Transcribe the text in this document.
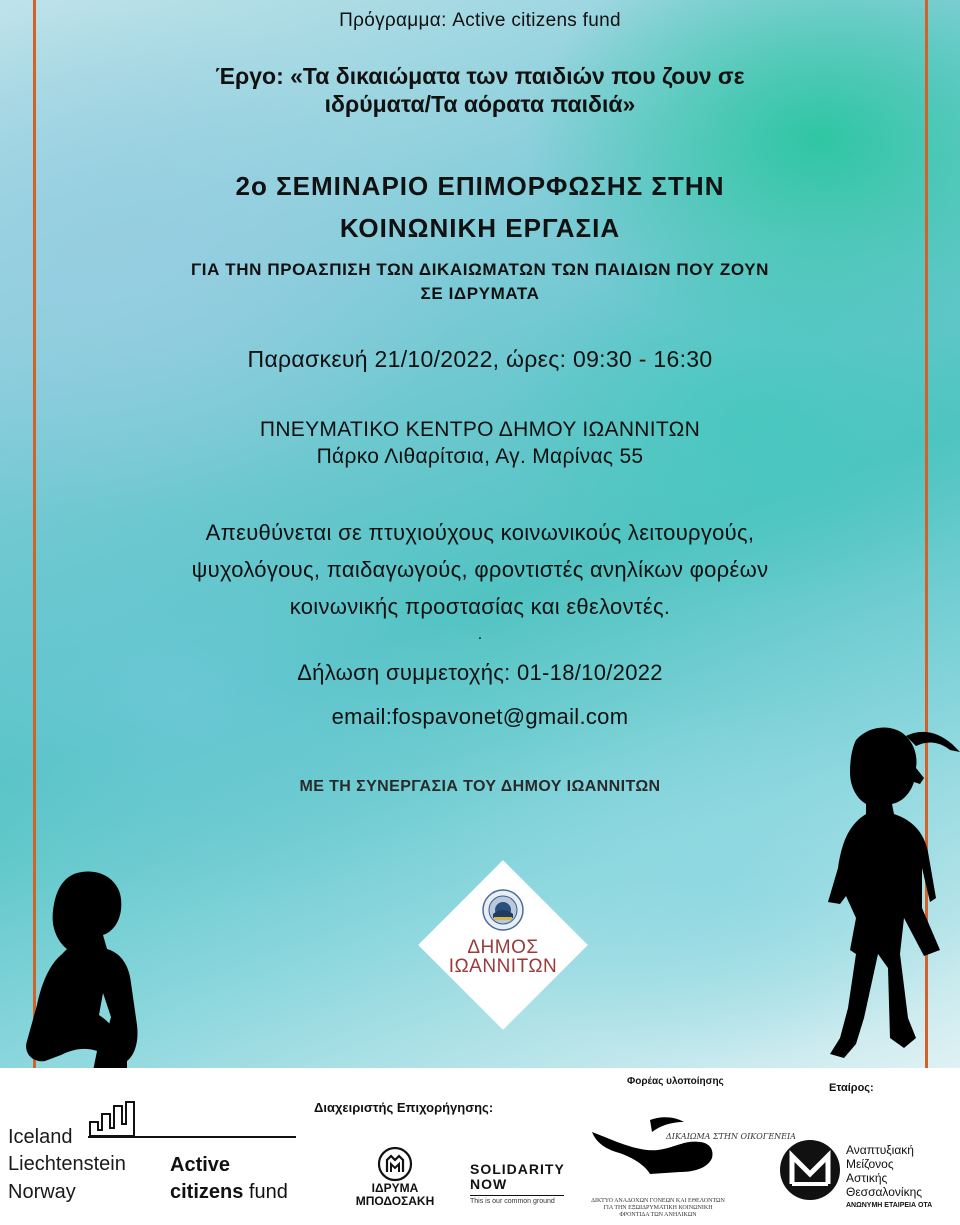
Πρόγραμμα: Active citizens fund
Έργο: «Τα δικαιώματα των παιδιών που ζουν σε
ιδρύματα/Τα αόρατα παιδιά»
2ο ΣΕΜΙΝΑΡΙΟ ΕΠΙΜΟΡΦΩΣΗΣ ΣΤΗΝ
ΚΟΙΝΩΝΙΚΗ ΕΡΓΑΣΙΑ
ΓΙΑ ΤΗΝ ΠΡΟΑΣΠΙΣΗ ΤΩΝ ΔΙΚΑΙΩΜΑΤΩΝ ΤΩΝ ΠΑΙΔΙΩΝ ΠΟΥ ΖΟΥΝ
ΣΕ ΙΔΡΥΜΑΤΑ
Παρασκευή 21/10/2022, ώρες: 09:30 - 16:30
ΠΝΕΥΜΑΤΙΚΟ ΚΕΝΤΡΟ ΔΗΜΟΥ ΙΩΑΝΝΙΤΩΝ
Πάρκο Λιθαρίτσια, Αγ. Μαρίνας 55
Απευθύνεται σε πτυχιούχους κοινωνικούς λειτουργούς,
ψυχολόγους, παιδαγωγούς, φροντιστές ανηλίκων φορέων
κοινωνικής προστασίας και εθελοντές.
.
Δήλωση συμμετοχής: 01-18/10/2022
email:fospavonet@gmail.com
ΜΕ ΤΗ ΣΥΝΕΡΓΑΣΙΑ ΤΟΥ ΔΗΜΟΥ ΙΩΑΝΝΙΤΩΝ
ΔΗΜΟΣ
ΙΩΑΝΝΙΤΩΝ
Iceland
Liechtenstein
Norway
Active
citizens fund
Διαχειριστής Επιχορήγησης:
ΙΔΡΥΜΑ
ΜΠΟΔΟΣΑΚΗ
SOLIDARITY
NOW
This is our common ground
Φορέας υλοποίησης
ΔΙΚΑΙΩΜΑ ΣΤΗΝ ΟΙΚΟΓΕΝΕΙΑ
ΔΙΚΤΥΟ ΑΝΑΔΟΧΩΝ ΓΟΝΕΩΝ ΚΑΙ ΕΘΕΛΟΝΤΩΝ
ΓΙΑ ΤΗΝ ΕΞΩΙΔΡΥΜΑΤΙΚΗ ΚΟΙΝΩΝΙΚΗ
ΦΡΟΝΤΙΔΑ ΤΩΝ ΑΝΗΛΙΚΩΝ
Εταίρος:
Αναπτυξιακή
Μείζονος
Αστικής
Θεσσαλονίκης
ΑΝΩΝΥΜΗ ΕΤΑΙΡΕΙΑ ΟΤΑ
